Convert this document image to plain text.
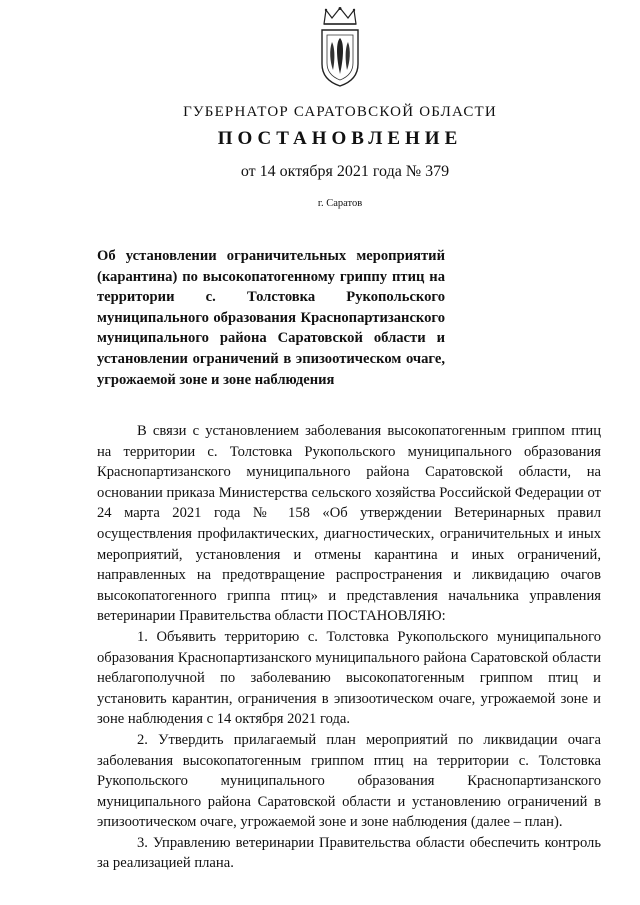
ГУБЕРНАТОР САРАТОВСКОЙ ОБЛАСТИ
ПОСТАНОВЛЕНИЕ
от 14 октября 2021 года № 379
г. Саратов
Об установлении ограничительных мероприятий (карантина) по высокопатогенному гриппу птиц на территории с. Толстовка Рукопольского муниципального образования Краснопартизанского муниципального района Саратовской области и установлении ограничений в эпизоотическом очаге, угрожаемой зоне и зоне наблюдения

В связи с установлением заболевания высокопатогенным гриппом птиц на территории с. Толстовка Рукопольского муниципального образования Краснопартизанского муниципального района Саратовской области, на основании приказа Министерства сельского хозяйства Российской Федерации от 24 марта 2021 года № 158 «Об утверждении Ветеринарных правил осуществления профилактических, диагностических, ограничительных и иных мероприятий, установления и отмены карантина и иных ограничений, направленных на предотвращение распространения и ликвидацию очагов высокопатогенного гриппа птиц» и представления начальника управления ветеринарии Правительства области ПОСТАНОВЛЯЮ:

1. Объявить территорию с. Толстовка Рукопольского муниципального образования Краснопартизанского муниципального района Саратовской области неблагополучной по заболеванию высокопатогенным гриппом птиц и установить карантин, ограничения в эпизоотическом очаге, угрожаемой зоне и зоне наблюдения с 14 октября 2021 года.

2. Утвердить прилагаемый план мероприятий по ликвидации очага заболевания высокопатогенным гриппом птиц на территории с. Толстовка Рукопольского муниципального образования Краснопартизанского муниципального района Саратовской области и установлению ограничений в эпизоотическом очаге, угрожаемой зоне и зоне наблюдения (далее – план).

3. Управлению ветеринарии Правительства области обеспечить контроль за реализацией плана.
